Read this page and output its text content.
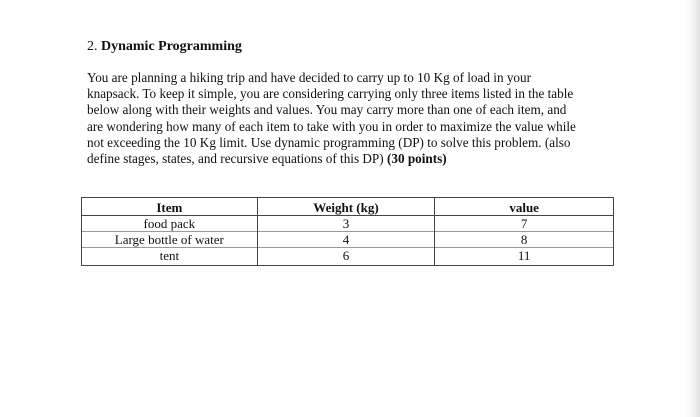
2. Dynamic Programming

You are planning a hiking trip and have decided to carry up to 10 Kg of load in your
knapsack. To keep it simple, you are considering carrying only three items listed in the table
below along with their weights and values. You may carry more than one of each item, and
are wondering how many of each item to take with you in order to maximize the value while
not exceeding the 10 Kg limit. Use dynamic programming (DP) to solve this problem. (also
define stages, states, and recursive equations of this DP) (30 points)

Item	Weight (kg)	value
food pack	3	7
Large bottle of water	4	8
tent	6	11
